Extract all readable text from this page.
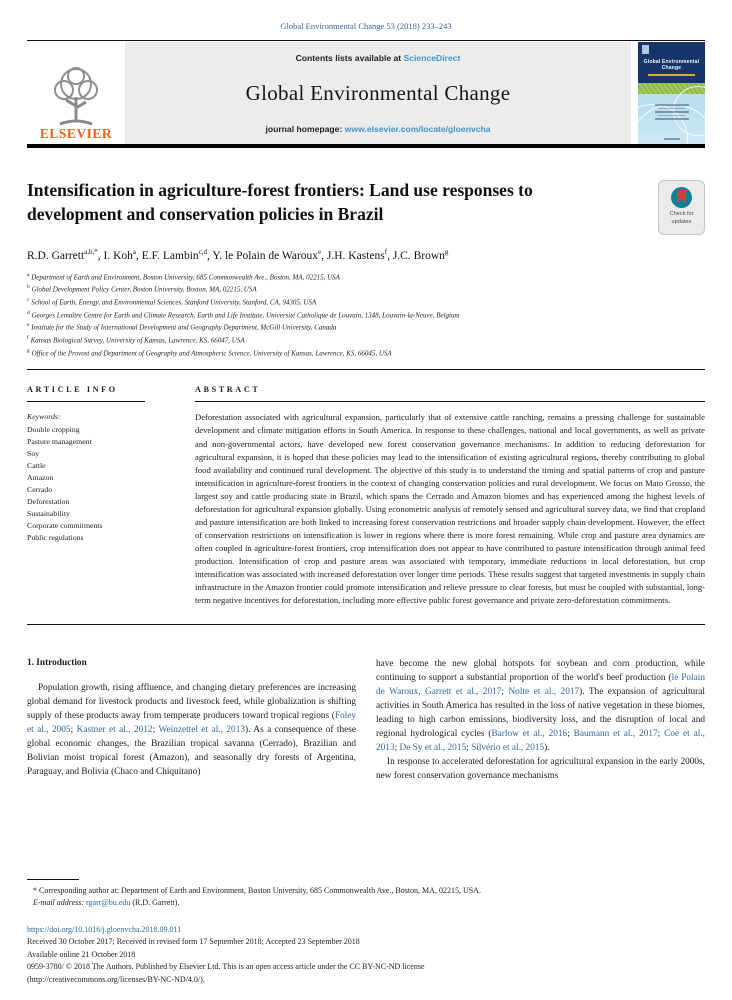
Global Environmental Change 53 (2018) 233–243
ELSEVIER
Contents lists available at ScienceDirect
Global Environmental Change
journal homepage: www.elsevier.com/locate/gloenvcha
Global Environmental Change
Intensification in agriculture-forest frontiers: Land use responses to development and conservation policies in Brazil	Check for
updates
R.D. Garrett$^{a,b,*}$, I. Koh$^a$, E.F. Lambin$^{c,d}$, Y. le Polain de Waroux$^e$, J.H. Kastens$^f$, J.C. Brown$^g$
$^a$ Department of Earth and Environment, Boston University, 685 Commonwealth Ave., Boston, MA, 02215, USA
$^b$ Global Development Policy Center, Boston University, Boston, MA, 02215, USA
$^c$ School of Earth, Energy, and Environmental Sciences, Stanford University, Stanford, CA, 94305, USA
$^d$ Georges Lemaître Centre for Earth and Climate Research, Earth and Life Institute, Université Catholique de Louvain, 1348, Louvain-la-Neuve, Belgium
$^e$ Institute for the Study of International Development and Geography Department, McGill University, Canada
$^f$ Kansas Biological Survey, University of Kansas, Lawrence, KS, 66047, USA
$^g$ Office of the Provost and Department of Geography and Atmospheric Science, University of Kansas, Lawrence, KS, 66045, USA
ARTICLE INFO
Keywords:
Double cropping
Pasture management
Soy
Cattle
Amazon
Cerrado
Deforestation
Sustainability
Corporate commitments
Public regulations
ABSTRACT

Deforestation associated with agricultural expansion, particularly that of extensive cattle ranching, remains a pressing challenge for sustainable development and climate mitigation efforts in South America. In response to these challenges, national and local governments, as well as private and non-governmental actors, have developed new forest conservation governance mechanisms. In addition to reducing deforestation for agricultural expansion, it is hoped that these policies may lead to the intensification of existing agricultural regions, thereby contributing to global food availability and continued rural development. The objective of this study is to understand the timing and spatial patterns of crop and pasture intensification in agriculture-forest frontiers in the context of changing conservation policies and rural development. We focus on Mato Grosso, the largest soy and cattle producing state in Brazil, which spans the Cerrado and Amazon biomes and has experienced among the highest levels of deforestation for agricultural expansion globally. Using econometric analysis of remotely sensed and agricultural survey data, we find that cropland and pasture intensification are both linked to increasing forest conservation restrictions and broader supply chain development. However, the effect of conservation restrictions on intensification is lower in regions where there is more forest remaining. While crop and pasture area dynamics are often coupled in agriculture-forest frontiers, crop intensification does not appear to have contributed to pasture intensification through animal feed production. Intensification of crop and pasture areas was associated with temporary, immediate reductions in local deforestation, but crop intensification was associated with increased deforestation over longer time periods. These results suggest that targeted investments in supply chain infrastructure in the Amazon frontier could promote intensification and relieve pressure to clear forests, but must be coupled with substantial, long-term negative incentives for deforestation, including more effective public forest governance and private zero-deforestation commitments.

1. Introduction

Population growth, rising affluence, and changing dietary preferences are increasing global demand for livestock products and livestock feed, while globalization is shifting supply of these products away from temperate producers toward tropical regions (Foley et al., 2005; Kastner et al., 2012; Weinzettel et al., 2013). As a consequence of these global economic changes, the Brazilian tropical savanna (Cerrado), Brazilian and Bolivian moist tropical forest (Amazon), and seasonally dry forests of Argentina, Paraguay, and Bolivia (Chaco and Chiquitano)

have become the new global hotspots for soybean and corn production, while continuing to support a substantial proportion of the world's beef production (le Polain de Waroux, Garrett et al., 2017; Nolte et al., 2017). The expansion of agricultural activities in South America has resulted in the loss of native vegetation in these biomes, leading to high carbon emissions, biodiversity loss, and the disruption of local and regional hydrological cycles (Barlow et al., 2016; Baumann et al., 2017; Coe et al., 2013; De Sy et al., 2015; Silvério et al., 2015).

In response to accelerated deforestation for agricultural expansion in the early 2000s, new forest conservation governance mechanisms

* Corresponding author at: Department of Earth and Environment, Boston University, 685 Commonwealth Ave., Boston, MA, 02215, USA.
E-mail address: rgarr@bu.edu (R.D. Garrett).
https://doi.org/10.1016/j.gloenvcha.2018.09.011
Received 30 October 2017; Received in revised form 17 September 2018; Accepted 23 September 2018
Available online 21 October 2018
0959-3780/ © 2018 The Authors. Published by Elsevier Ltd. This is an open access article under the CC BY-NC-ND license
(http://creativecommons.org/licenses/BY-NC-ND/4.0/).
